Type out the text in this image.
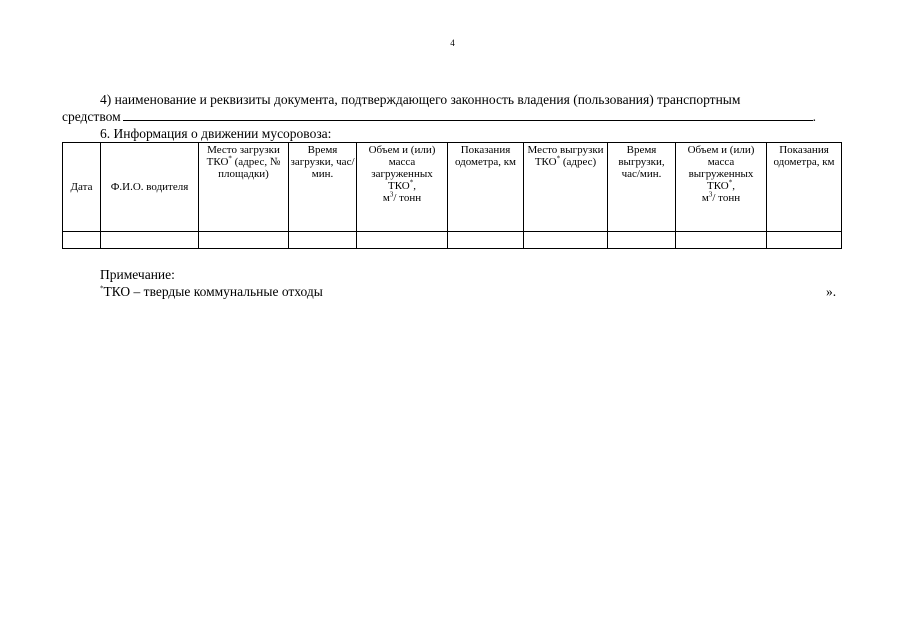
4
4) наименование и реквизиты документа, подтверждающего законность владения (пользования) транспортным
средством	.
6. Информация о движении мусоровоза:
Дата	Ф.И.О. водителя	Место загрузки ТКО* (адрес, № площадки)	Время загрузки, час/мин.	Объем и (или) масса загруженных ТКО*,
$м^3/$ тонн	Показания одометра, км	Место выгрузки ТКО* (адрес)	Время выгрузки, час/мин.	Объем и (или) масса выгруженных ТКО*,
$м^3/$ тонн	Показания одометра, км

Примечание:
*ТКО – твердые коммунальные отходы	».
